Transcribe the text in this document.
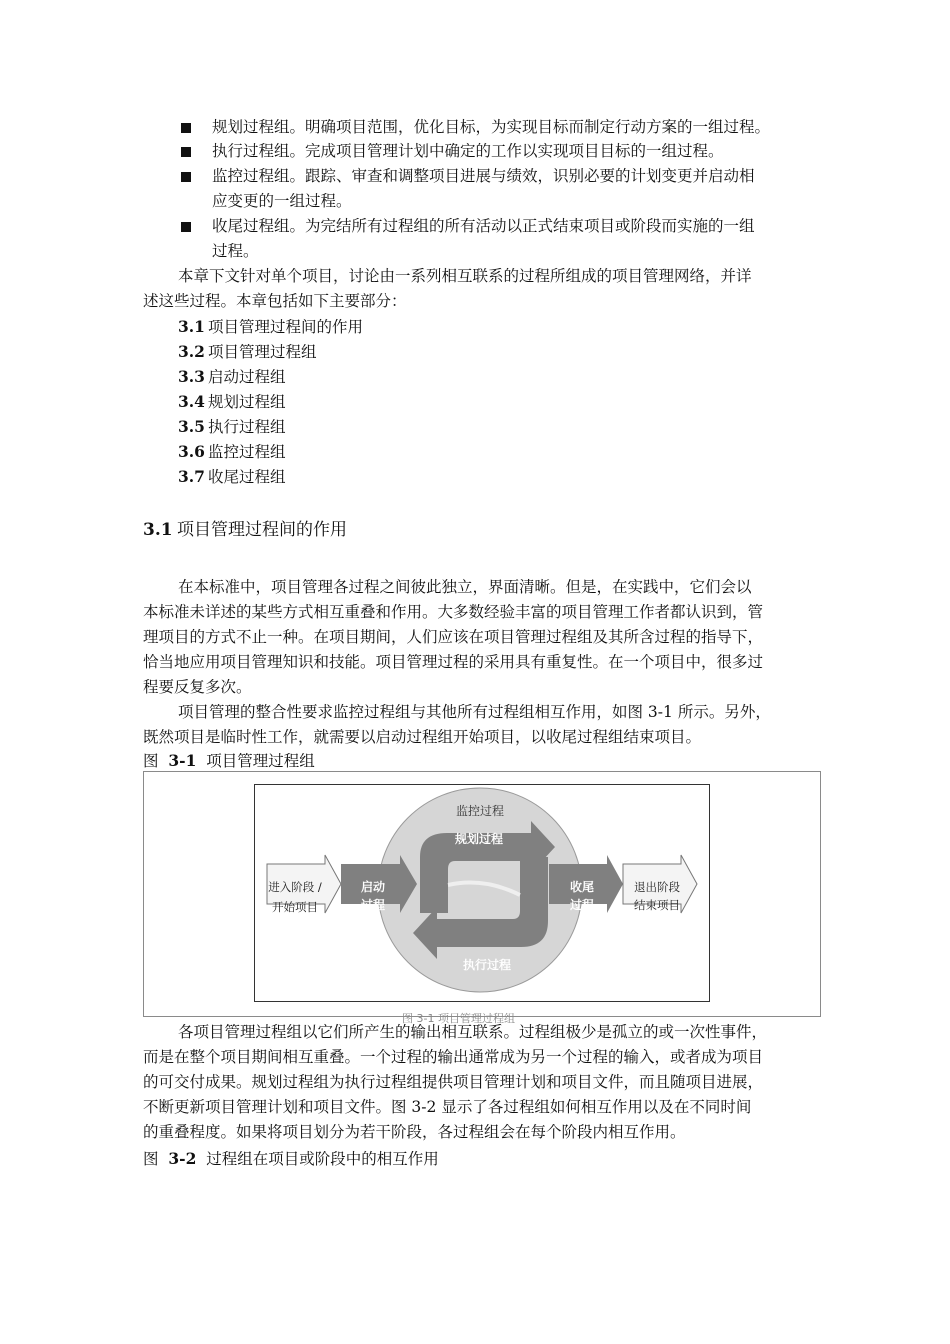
规划过程组。明确项目范围，优化目标，为实现目标而制定行动方案的一组过程。
执行过程组。完成项目管理计划中确定的工作以实现项目目标的一组过程。
监控过程组。跟踪、审查和调整项目进展与绩效，识别必要的计划变更并启动相
应变更的一组过程。
收尾过程组。为完结所有过程组的所有活动以正式结束项目或阶段而实施的一组
过程。
本章下文针对单个项目，讨论由一系列相互联系的过程所组成的项目管理网络，并详
述这些过程。本章包括如下主要部分：
3.1 项目管理过程间的作用
3.2 项目管理过程组
3.3 启动过程组
3.4 规划过程组
3.5 执行过程组
3.6 监控过程组
3.7 收尾过程组
3.1 项目管理过程间的作用
在本标准中，项目管理各过程之间彼此独立，界面清晰。但是，在实践中，它们会以
本标准未详述的某些方式相互重叠和作用。大多数经验丰富的项目管理工作者都认识到，管
理项目的方式不止一种。在项目期间，人们应该在项目管理过程组及其所含过程的指导下，
恰当地应用项目管理知识和技能。项目管理过程的采用具有重复性。在一个项目中，很多过
程要反复多次。
项目管理的整合性要求监控过程组与其他所有过程组相互作用，如图 3-1 所示。另外，
既然项目是临时性工作，就需要以启动过程组开始项目，以收尾过程组结束项目。
图 3-1 项目管理过程组
监控过程
规划过程
执行过程
进入阶段 /
开始项目
启动
过程
收尾
过程
退出阶段
结束项目
图 3-1 项目管理过程组
各项目管理过程组以它们所产生的输出相互联系。过程组极少是孤立的或一次性事件，
而是在整个项目期间相互重叠。一个过程的输出通常成为另一个过程的输入，或者成为项目
的可交付成果。规划过程组为执行过程组提供项目管理计划和项目文件，而且随项目进展，
不断更新项目管理计划和项目文件。图 3-2 显示了各过程组如何相互作用以及在不同时间
的重叠程度。如果将项目划分为若干阶段，各过程组会在每个阶段内相互作用。
图 3-2 过程组在项目或阶段中的相互作用
